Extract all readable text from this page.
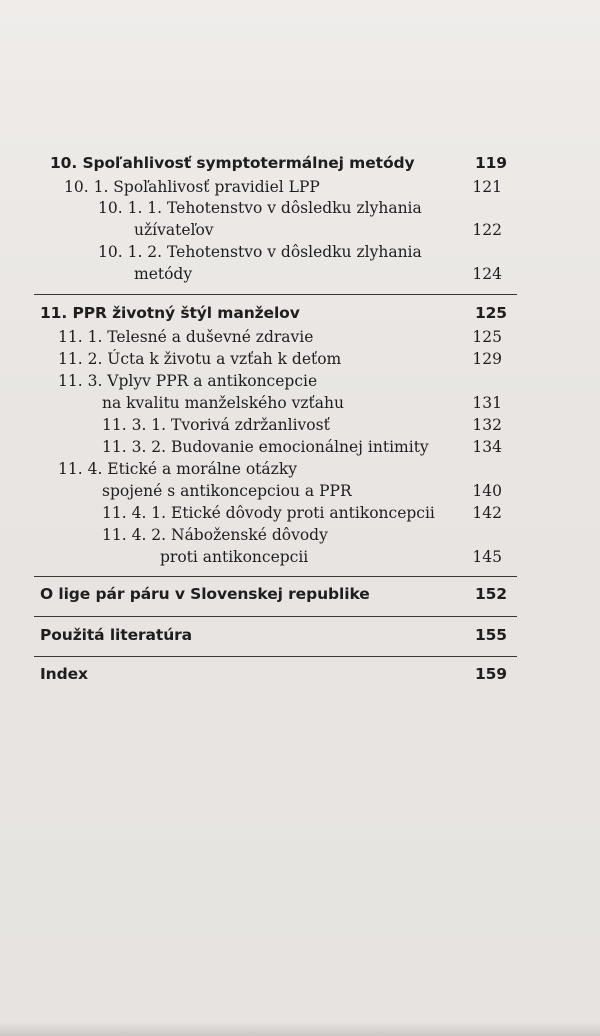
10. Spoľahlivosť symptotermálnej metódy	119
10. 1. Spoľahlivosť pravidiel LPP	121
10. 1. 1. Tehotenstvo v dôsledku zlyhania
užívateľov	122
10. 1. 2. Tehotenstvo v dôsledku zlyhania
metódy	124
11. PPR životný štýl manželov	125
11. 1. Telesné a duševné zdravie	125
11. 2. Úcta k životu a vzťah k deťom	129
11. 3. Vplyv PPR a antikoncepcie
na kvalitu manželského vzťahu	131
11. 3. 1. Tvorivá zdržanlivosť	132
11. 3. 2. Budovanie emocionálnej intimity	134
11. 4. Etické a morálne otázky
spojené s antikoncepciou a PPR	140
11. 4. 1. Etické dôvody proti antikoncepcii 142
11. 4. 2. Náboženské dôvody
proti antikoncepcii	145
O lige pár páru v Slovenskej republike	152
Použitá literatúra	155
Index	159
